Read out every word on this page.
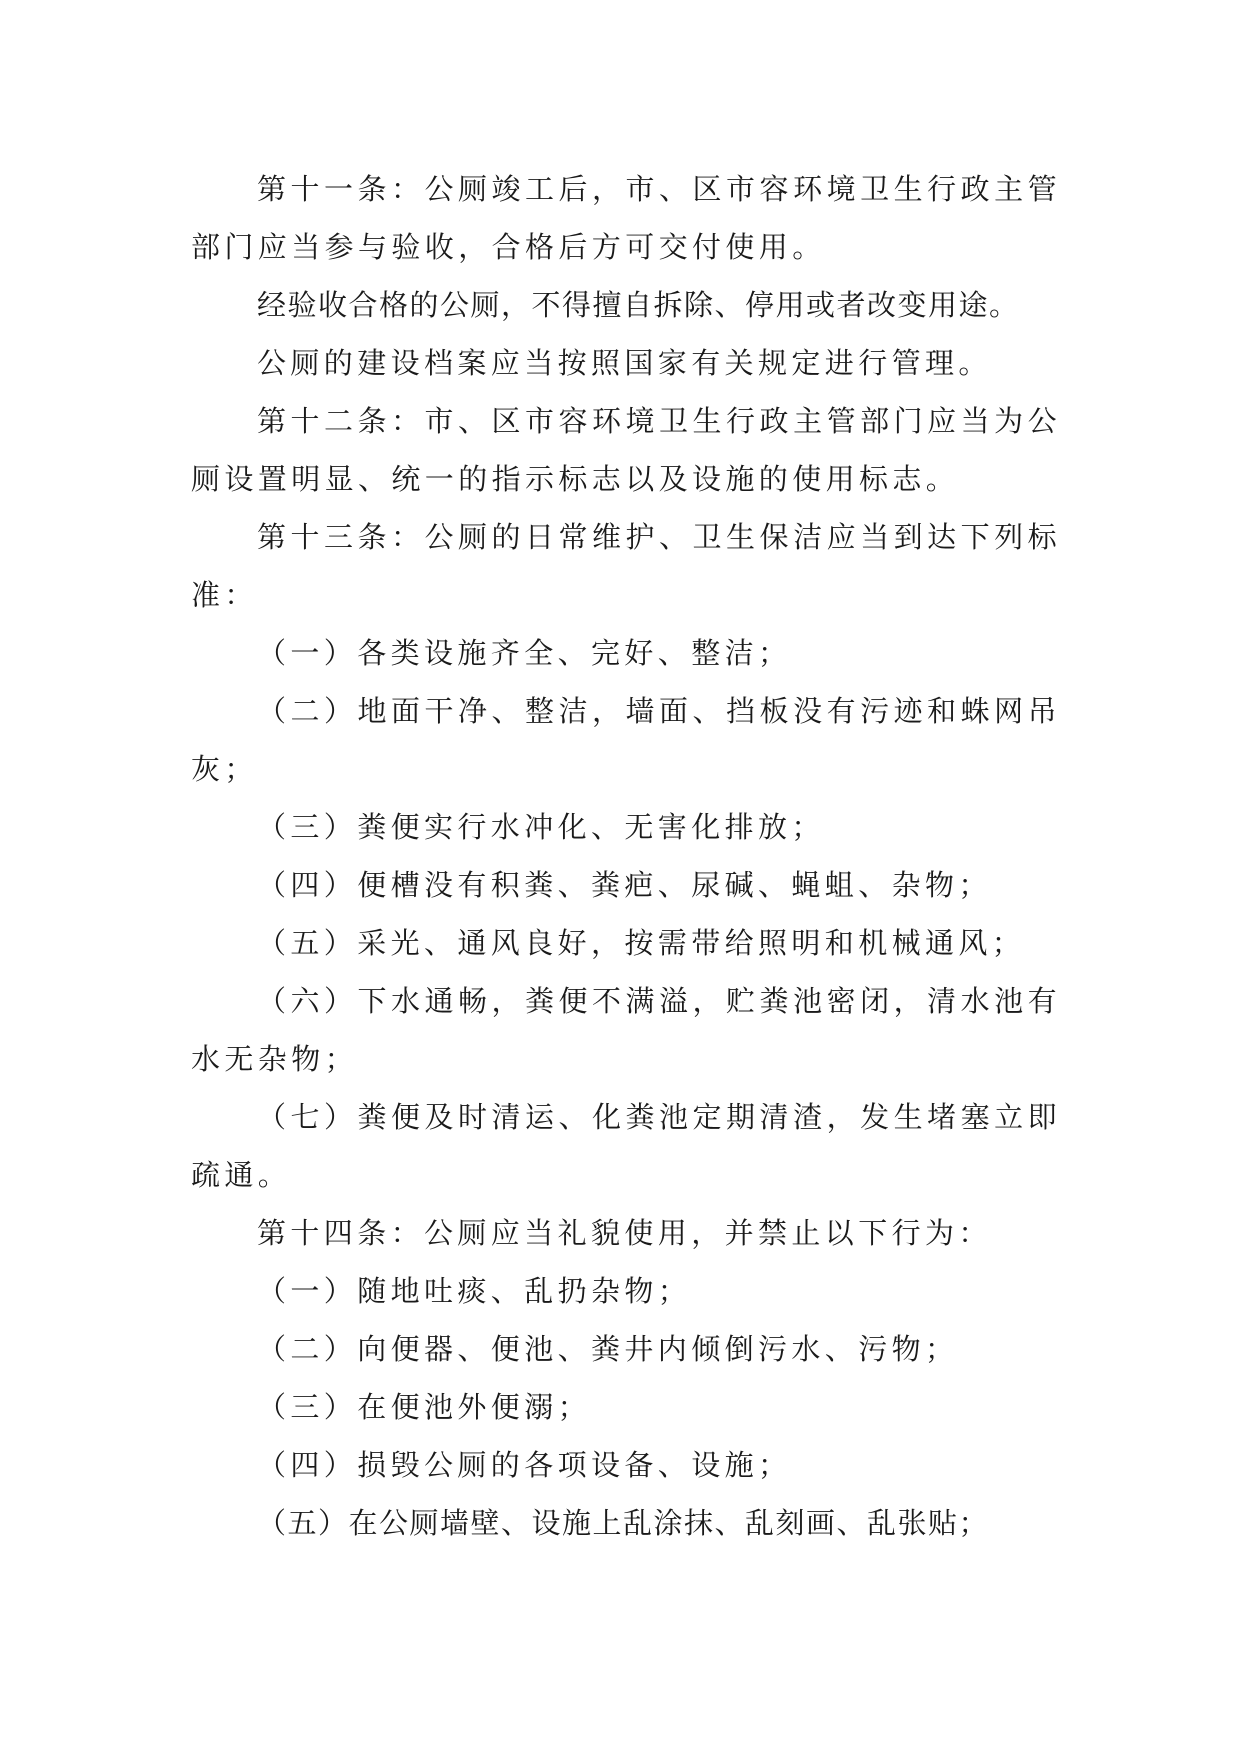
第十一条：公厕竣工后，市、区市容环境卫生行政主管部门应当参与验收，合格后方可交付使用。

经验收合格的公厕，不得擅自拆除、停用或者改变用途。

公厕的建设档案应当按照国家有关规定进行管理。

第十二条：市、区市容环境卫生行政主管部门应当为公厕设置明显、统一的指示标志以及设施的使用标志。

第十三条：公厕的日常维护、卫生保洁应当到达下列标准：

（一）各类设施齐全、完好、整洁；

（二）地面干净、整洁，墙面、挡板没有污迹和蛛网吊灰；

（三）粪便实行水冲化、无害化排放；

（四）便槽没有积粪、粪疤、尿碱、蝇蛆、杂物；

（五）采光、通风良好，按需带给照明和机械通风；

（六）下水通畅，粪便不满溢，贮粪池密闭，清水池有水无杂物；

（七）粪便及时清运、化粪池定期清渣，发生堵塞立即疏通。

第十四条：公厕应当礼貌使用，并禁止以下行为：

（一）随地吐痰、乱扔杂物；

（二）向便器、便池、粪井内倾倒污水、污物；

（三）在便池外便溺；

（四）损毁公厕的各项设备、设施；

（五）在公厕墙壁、设施上乱涂抹、乱刻画、乱张贴；
